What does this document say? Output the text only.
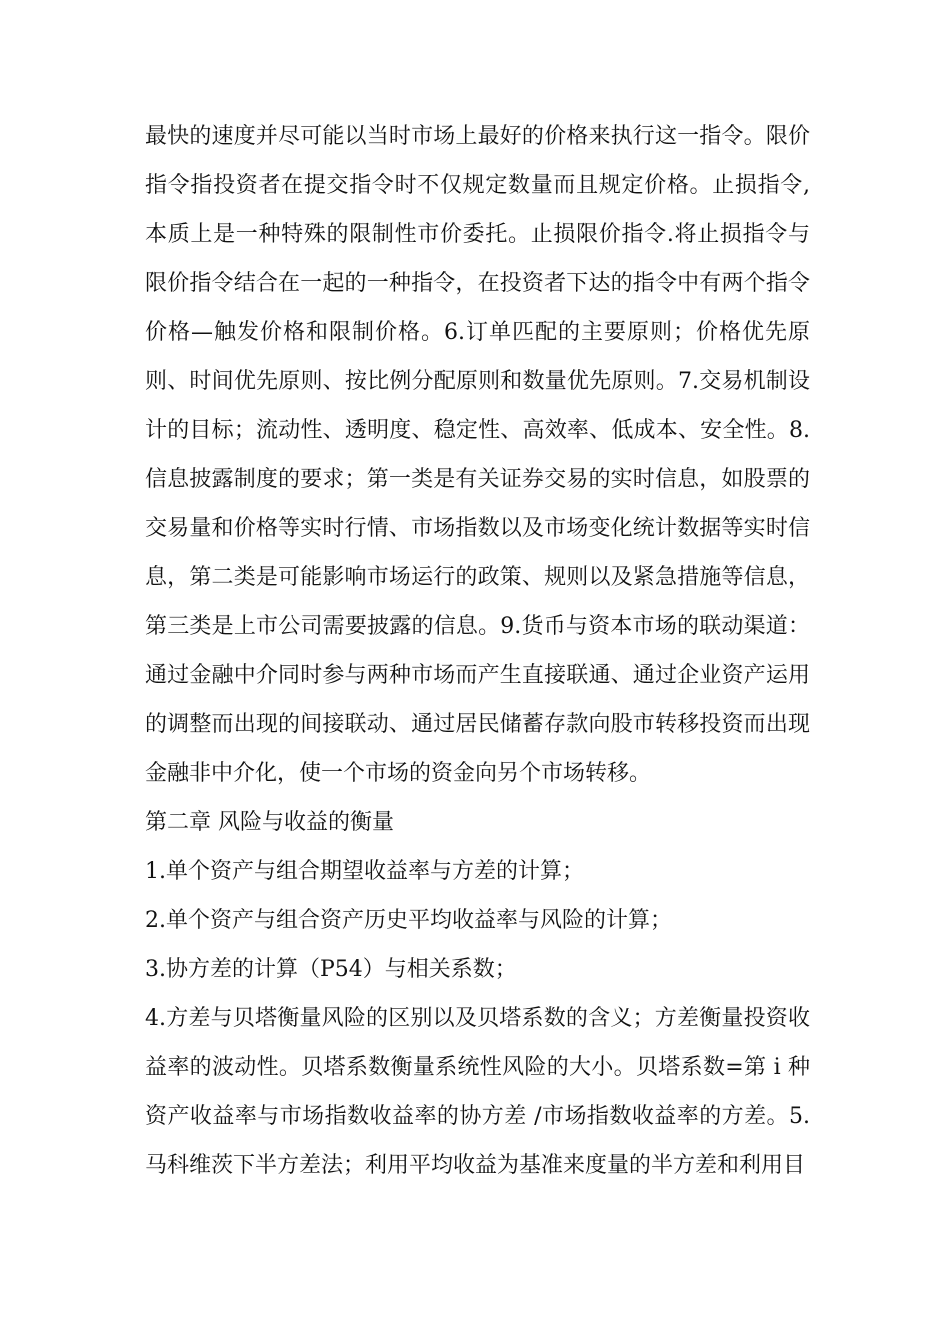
最快的速度并尽可能以当时市场上最好的价格来执行这一指令。限价指令指投资者在提交指令时不仅规定数量而且规定价格。止损指令,本质上是一种特殊的限制性市价委托。止损限价指令.将止损指令与限价指令结合在一起的一种指令，在投资者下达的指令中有两个指令价格—触发价格和限制价格。6.订单匹配的主要原则；价格优先原则、时间优先原则、按比例分配原则和数量优先原则。7.交易机制设计的目标；流动性、透明度、稳定性、高效率、低成本、安全性。8.信息披露制度的要求；第一类是有关证券交易的实时信息，如股票的交易量和价格等实时行情、市场指数以及市场变化统计数据等实时信息，第二类是可能影响市场运行的政策、规则以及紧急措施等信息，第三类是上市公司需要披露的信息。9.货币与资本市场的联动渠道：通过金融中介同时参与两种市场而产生直接联通、通过企业资产运用的调整而出现的间接联动、通过居民储蓄存款向股市转移投资而出现金融非中介化，使一个市场的资金向另个市场转移。

第二章 风险与收益的衡量

1.单个资产与组合期望收益率与方差的计算；

2.单个资产与组合资产历史平均收益率与风险的计算；

3.协方差的计算（P54）与相关系数；

4.方差与贝塔衡量风险的区别以及贝塔系数的含义；方差衡量投资收益率的波动性。贝塔系数衡量系统性风险的大小。贝塔系数=第 i 种资产收益率与市场指数收益率的协方差 /市场指数收益率的方差。5.马科维茨下半方差法；利用平均收益为基准来度量的半方差和利用目
